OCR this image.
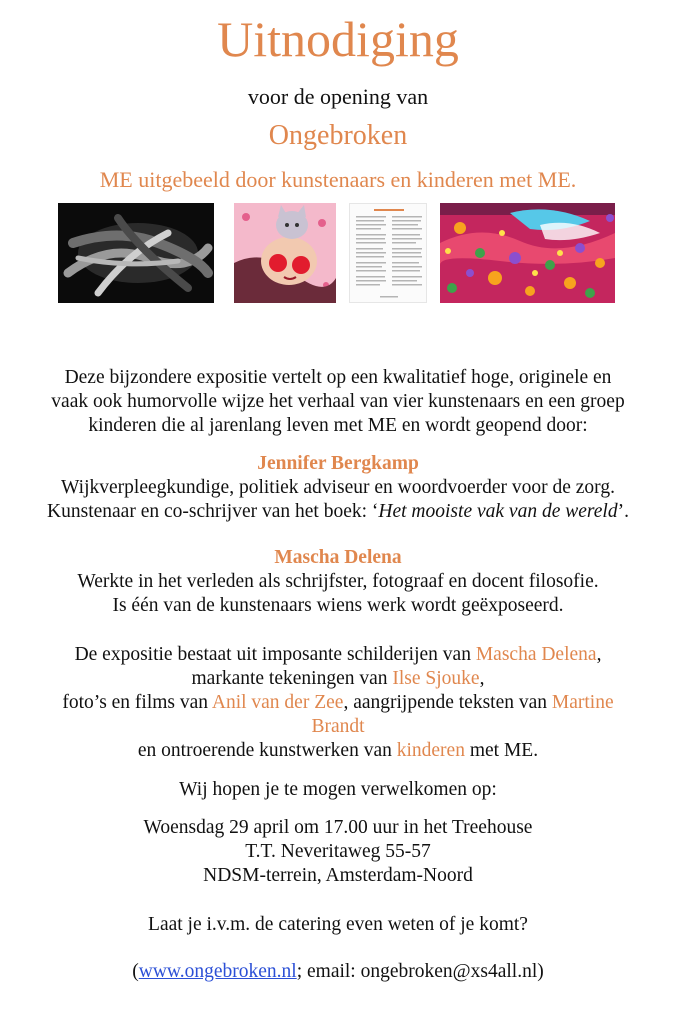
Uitnodiging
voor de opening van
Ongebroken
ME uitgebeeld door kunstenaars en kinderen met ME.
Deze bijzondere expositie vertelt op een kwalitatief hoge, originele en
vaak ook humorvolle wijze het verhaal van vier kunstenaars en een groep
kinderen die al jarenlang leven met ME en wordt geopend door:
Jennifer Bergkamp
Wijkverpleegkundige, politiek adviseur en woordvoerder voor de zorg.
Kunstenaar en co-schrijver van het boek: ‘Het mooiste vak van de wereld’.
Mascha Delena
Werkte in het verleden als schrijfster, fotograaf en docent filosofie.
Is één van de kunstenaars wiens werk wordt geëxposeerd.
De expositie bestaat uit imposante schilderijen van Mascha Delena,
markante tekeningen van Ilse Sjouke,
foto’s en films van Anil van der Zee, aangrijpende teksten van Martine
Brandt
en ontroerende kunstwerken van kinderen met ME.
Wij hopen je te mogen verwelkomen op:
Woensdag 29 april om 17.00 uur in het Treehouse
T.T. Neveritaweg 55-57
NDSM-terrein, Amsterdam-Noord
Laat je i.v.m. de catering even weten of je komt?
(www.ongebroken.nl; email: ongebroken@xs4all.nl)
